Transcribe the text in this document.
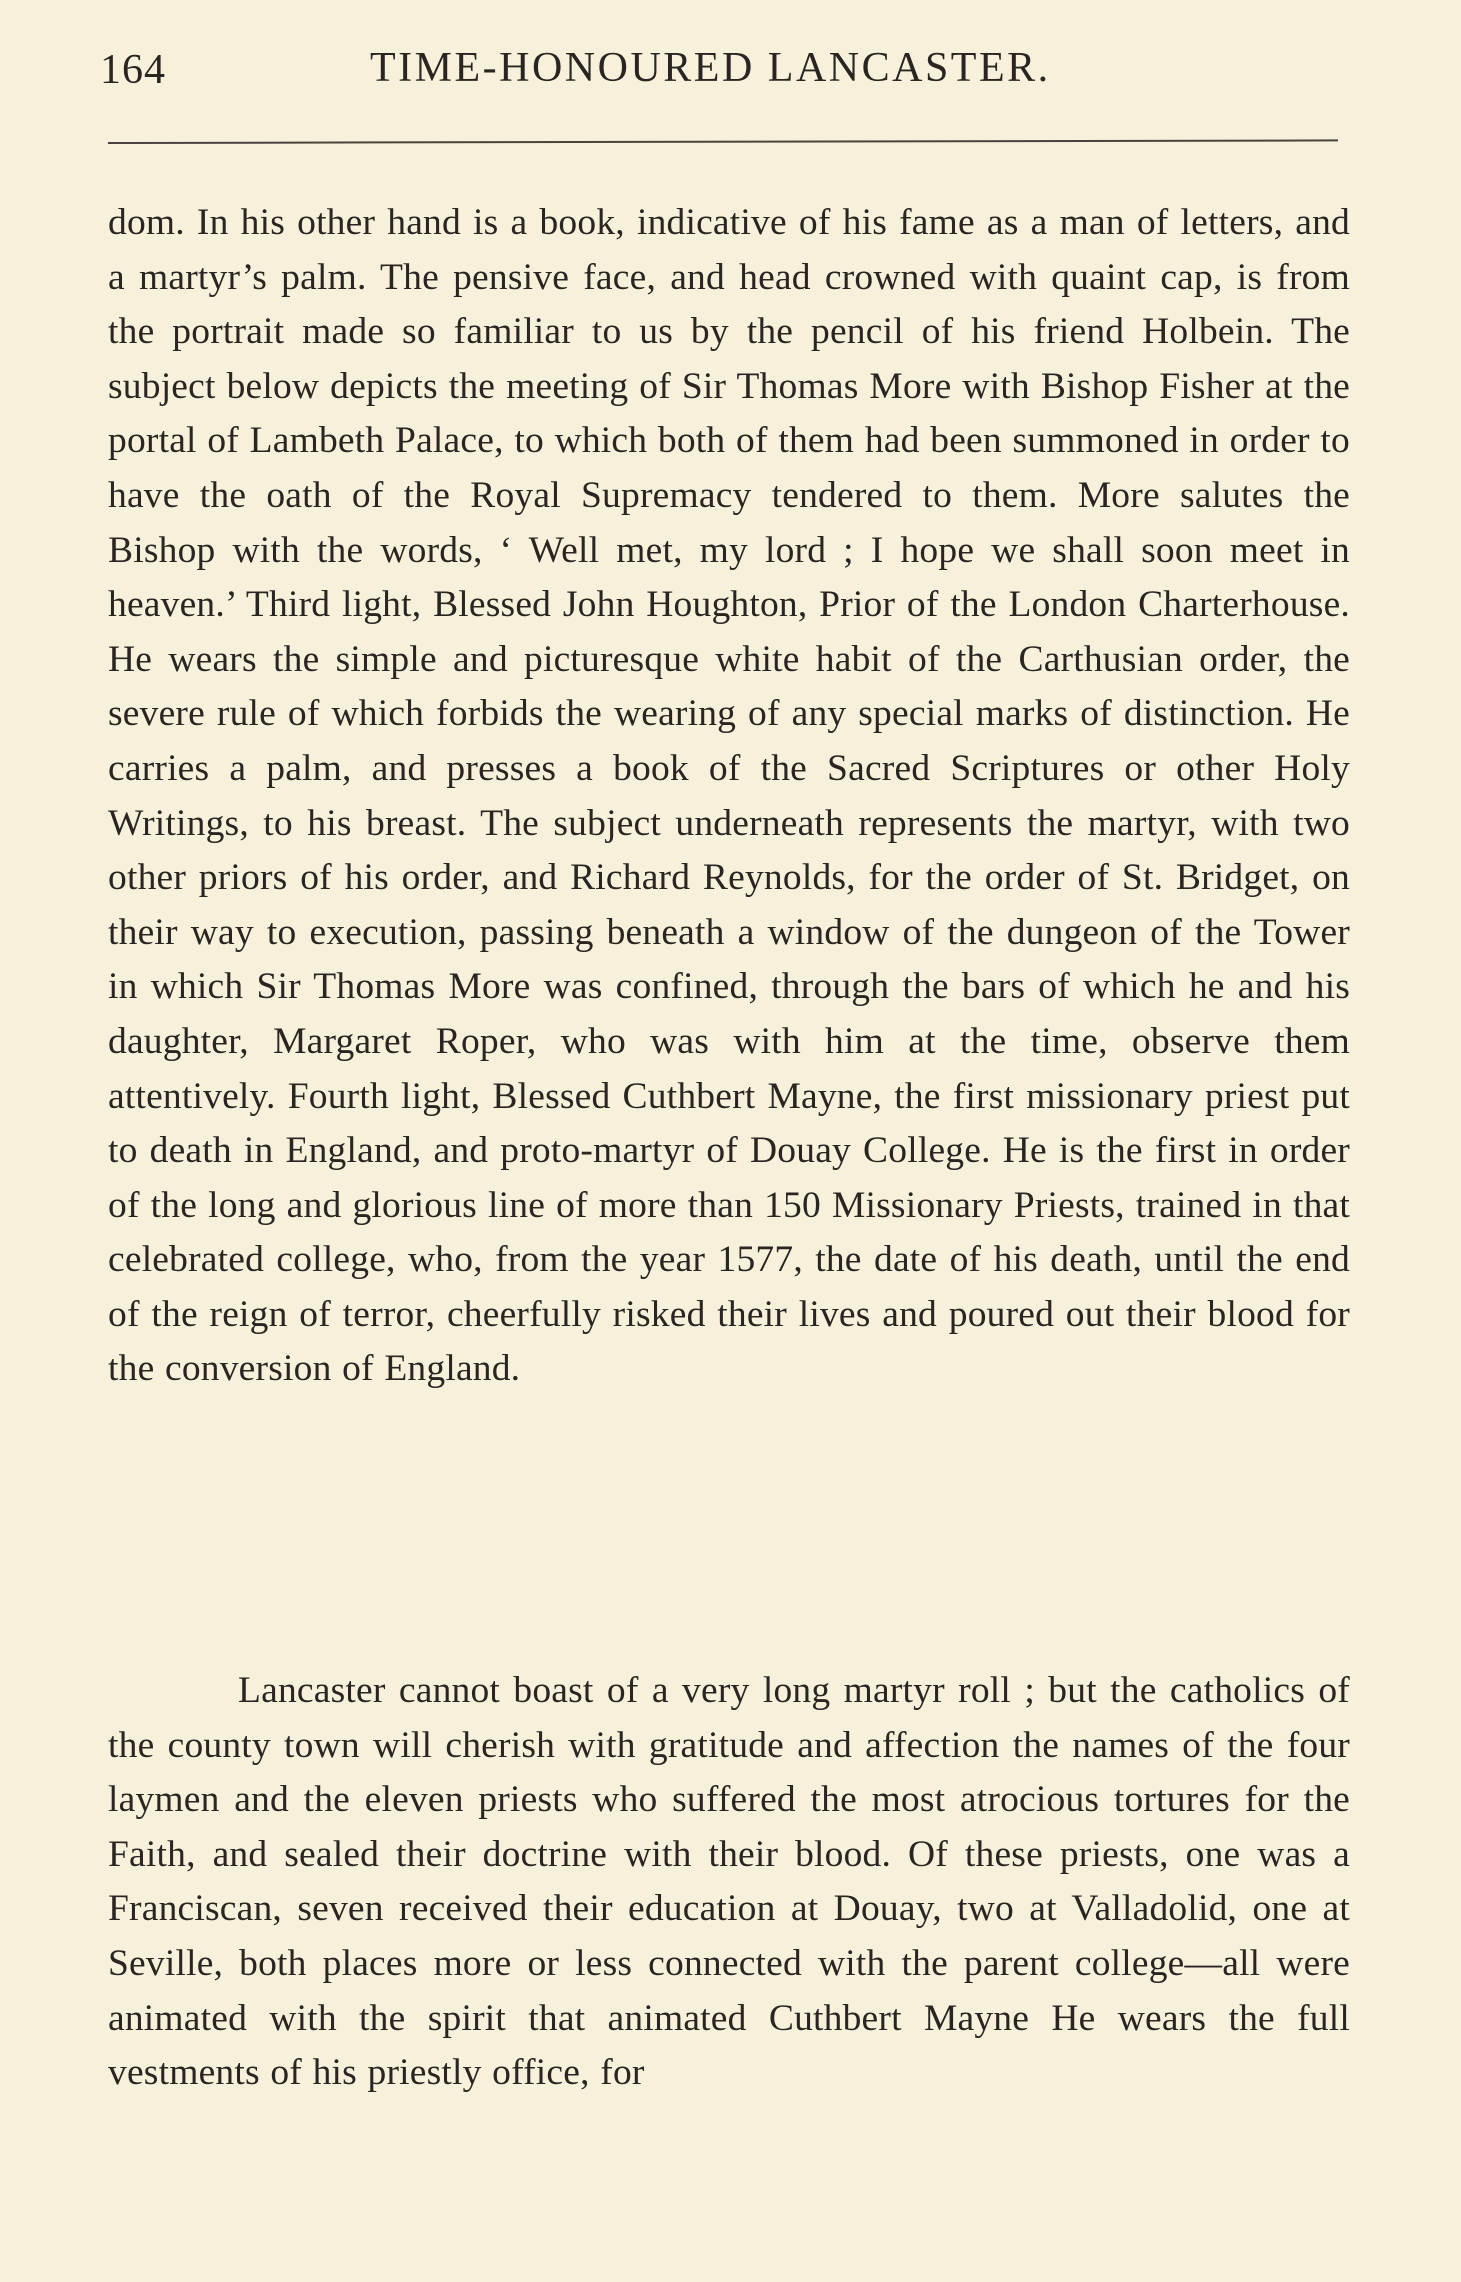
164	TIME-HONOURED LANCASTER.

dom. In his other hand is a book, indicative of his fame as a man of letters, and a martyr’s palm. The pensive face, and head crowned with quaint cap, is from the portrait made so familiar to us by the pencil of his friend Holbein. The subject below depicts the meeting of Sir Thomas More with Bishop Fisher at the portal of Lambeth Palace, to which both of them had been summoned in order to have the oath of the Royal Supremacy tendered to them. More salutes the Bishop with the words, ‘ Well met, my lord ; I hope we shall soon meet in heaven.’ Third light, Blessed John Houghton, Prior of the London Charterhouse. He wears the simple and picturesque white habit of the Carthusian order, the severe rule of which forbids the wearing of any special marks of distinction. He carries a palm, and presses a book of the Sacred Scriptures or other Holy Writings, to his breast. The subject underneath represents the martyr, with two other priors of his order, and Richard Reynolds, for the order of St. Bridget, on their way to execution, passing beneath a window of the dungeon of the Tower in which Sir Thomas More was confined, through the bars of which he and his daughter, Margaret Roper, who was with him at the time, observe them attentively. Fourth light, Blessed Cuthbert Mayne, the first missionary priest put to death in England, and proto-martyr of Douay College. He is the first in order of the long and glorious line of more than 150 Missionary Priests, trained in that celebrated college, who, from the year 1577, the date of his death, until the end of the reign of terror, cheerfully risked their lives and poured out their blood for the conversion of England.

Lancaster cannot boast of a very long martyr roll ; but the catholics of the county town will cherish with gratitude and affection the names of the four laymen and the eleven priests who suffered the most atrocious tortures for the Faith, and sealed their doctrine with their blood. Of these priests, one was a Franciscan, seven received their education at Douay, two at Valladolid, one at Seville, both places more or less connected with the parent college—all were animated with the spirit that animated Cuthbert Mayne He wears the full vestments of his priestly office, for
